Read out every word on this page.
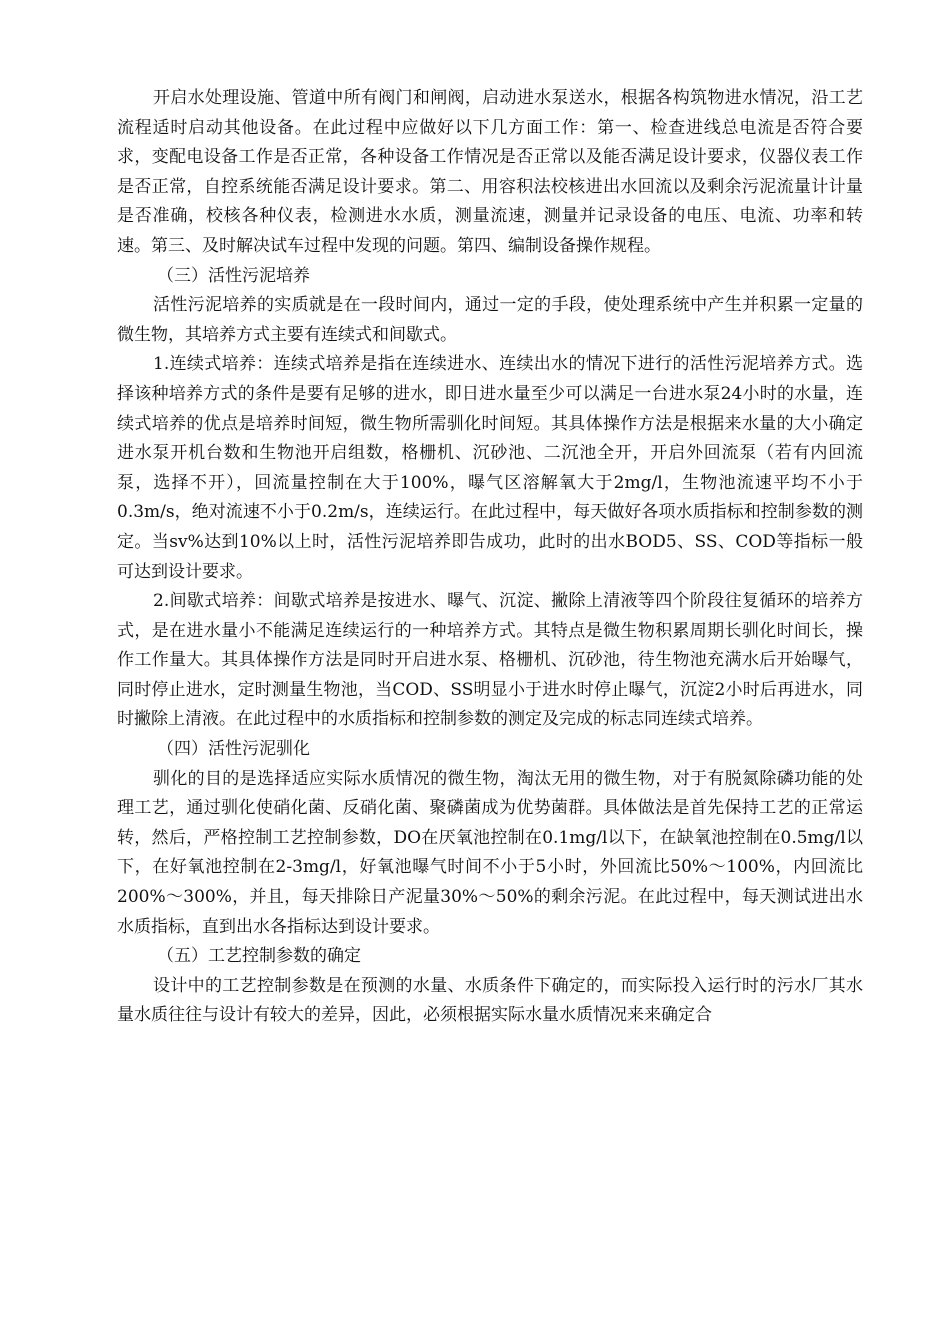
开启水处理设施、管道中所有阀门和闸阀，启动进水泵送水，根据各构筑物进水情况，沿工艺流程适时启动其他设备。在此过程中应做好以下几方面工作：第一、检查进线总电流是否符合要求，变配电设备工作是否正常，各种设备工作情况是否正常以及能否满足设计要求，仪器仪表工作是否正常，自控系统能否满足设计要求。第二、用容积法校核进出水回流以及剩余污泥流量计计量是否准确，校核各种仪表，检测进水水质，测量流速，测量并记录设备的电压、电流、功率和转速。第三、及时解决试车过程中发现的问题。第四、编制设备操作规程。

（三）活性污泥培养

活性污泥培养的实质就是在一段时间内，通过一定的手段，使处理系统中产生并积累一定量的微生物，其培养方式主要有连续式和间歇式。

1.连续式培养：连续式培养是指在连续进水、连续出水的情况下进行的活性污泥培养方式。选择该种培养方式的条件是要有足够的进水，即日进水量至少可以满足一台进水泵24小时的水量，连续式培养的优点是培养时间短，微生物所需驯化时间短。其具体操作方法是根据来水量的大小确定进水泵开机台数和生物池开启组数，格栅机、沉砂池、二沉池全开，开启外回流泵（若有内回流泵，选择不开），回流量控制在大于100%，曝气区溶解氧大于2mg/l，生物池流速平均不小于0.3m/s，绝对流速不小于0.2m/s，连续运行。在此过程中，每天做好各项水质指标和控制参数的测定。当sv%达到10%以上时，活性污泥培养即告成功，此时的出水BOD5、SS、COD等指标一般可达到设计要求。

2.间歇式培养：间歇式培养是按进水、曝气、沉淀、撇除上清液等四个阶段往复循环的培养方式，是在进水量小不能满足连续运行的一种培养方式。其特点是微生物积累周期长驯化时间长，操作工作量大。其具体操作方法是同时开启进水泵、格栅机、沉砂池，待生物池充满水后开始曝气，同时停止进水，定时测量生物池，当COD、SS明显小于进水时停止曝气，沉淀2小时后再进水，同时撇除上清液。在此过程中的水质指标和控制参数的测定及完成的标志同连续式培养。

（四）活性污泥驯化

驯化的目的是选择适应实际水质情况的微生物，淘汰无用的微生物，对于有脱氮除磷功能的处理工艺，通过驯化使硝化菌、反硝化菌、聚磷菌成为优势菌群。具体做法是首先保持工艺的正常运转，然后，严格控制工艺控制参数，DO在厌氧池控制在0.1mg/l以下，在缺氧池控制在0.5mg/l以下，在好氧池控制在2-3mg/l，好氧池曝气时间不小于5小时，外回流比50%～100%，内回流比200%～300%，并且，每天排除日产泥量30%～50%的剩余污泥。在此过程中，每天测试进出水水质指标，直到出水各指标达到设计要求。

（五）工艺控制参数的确定

设计中的工艺控制参数是在预测的水量、水质条件下确定的，而实际投入运行时的污水厂其水量水质往往与设计有较大的差异，因此，必须根据实际水量水质情况来来确定合
